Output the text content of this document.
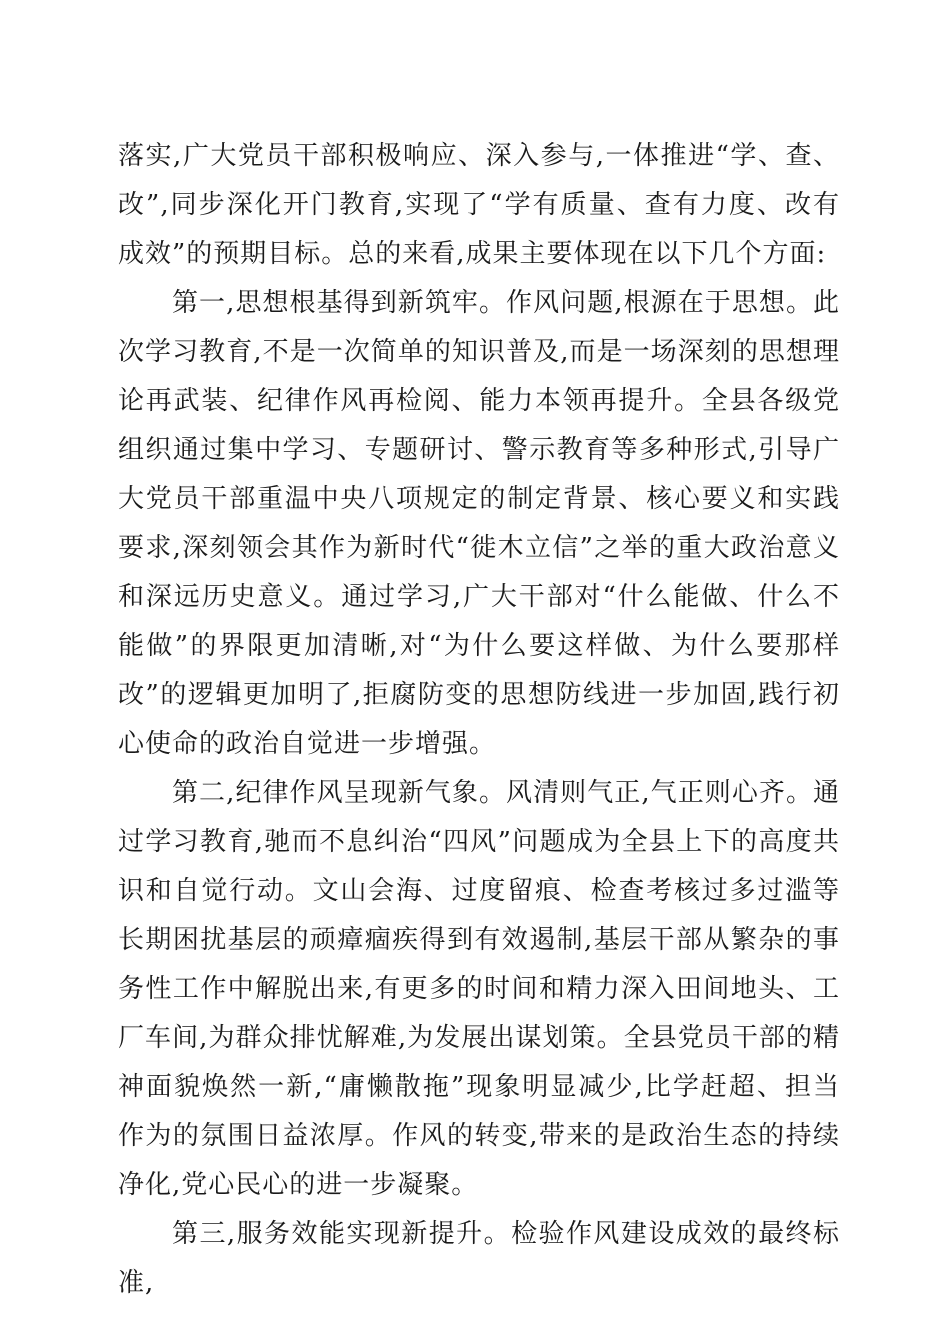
落实,广大党员干部积极响应、深入参与,一体推进“学、查、改”,同步深化开门教育,实现了“学有质量、查有力度、改有成效”的预期目标。总的来看,成果主要体现在以下几个方面:

第一,思想根基得到新筑牢。作风问题,根源在于思想。此次学习教育,不是一次简单的知识普及,而是一场深刻的思想理论再武装、纪律作风再检阅、能力本领再提升。全县各级党组织通过集中学习、专题研讨、警示教育等多种形式,引导广大党员干部重温中央八项规定的制定背景、核心要义和实践要求,深刻领会其作为新时代“徙木立信”之举的重大政治意义和深远历史意义。通过学习,广大干部对“什么能做、什么不能做”的界限更加清晰,对“为什么要这样做、为什么要那样改”的逻辑更加明了,拒腐防变的思想防线进一步加固,践行初心使命的政治自觉进一步增强。

第二,纪律作风呈现新气象。风清则气正,气正则心齐。通过学习教育,驰而不息纠治“四风”问题成为全县上下的高度共识和自觉行动。文山会海、过度留痕、检查考核过多过滥等长期困扰基层的顽瘴痼疾得到有效遏制,基层干部从繁杂的事务性工作中解脱出来,有更多的时间和精力深入田间地头、工厂车间,为群众排忧解难,为发展出谋划策。全县党员干部的精神面貌焕然一新,“庸懒散拖”现象明显减少,比学赶超、担当作为的氛围日益浓厚。作风的转变,带来的是政治生态的持续净化,党心民心的进一步凝聚。

第三,服务效能实现新提升。检验作风建设成效的最终标准,
